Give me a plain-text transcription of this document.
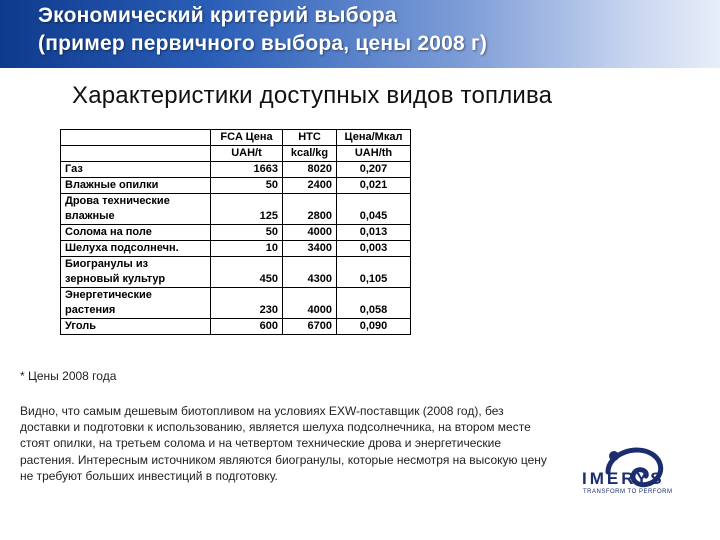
Экономический критерий выбора
(пример первичного выбора, цены 2008 г)
Характеристики доступных видов топлива
	FCA Цена	HTC	Цена/Мкал
	UAH/t	kcal/kg	UAH/th

Газ	1663	8020	0,207

Влажные опилки	50	2400	0,021

Дрова технические
влажные	125	2800	0,045

Солома на поле	50	4000	0,013

Шелуха подсолнечн.	10	3400	0,003

Биогранулы из
зерновый культур	450	4300	0,105

Энергетические
растения	230	4000	0,058

Уголь	600	6700	0,090
* Цены 2008 года
Видно, что самым дешевым биотопливом на условиях EXW-поставщик (2008 год), без доставки и подготовки к использованию, является шелуха подсолнечника, на втором месте стоят опилки, на третьем солома и на четвертом технические дрова и энергетические растения. Интересным источником являются биогранулы, которые несмотря на высокую цену не требуют больших инвестиций в подготовку.	IMERYS
TRANSFORM TO PERFORM
